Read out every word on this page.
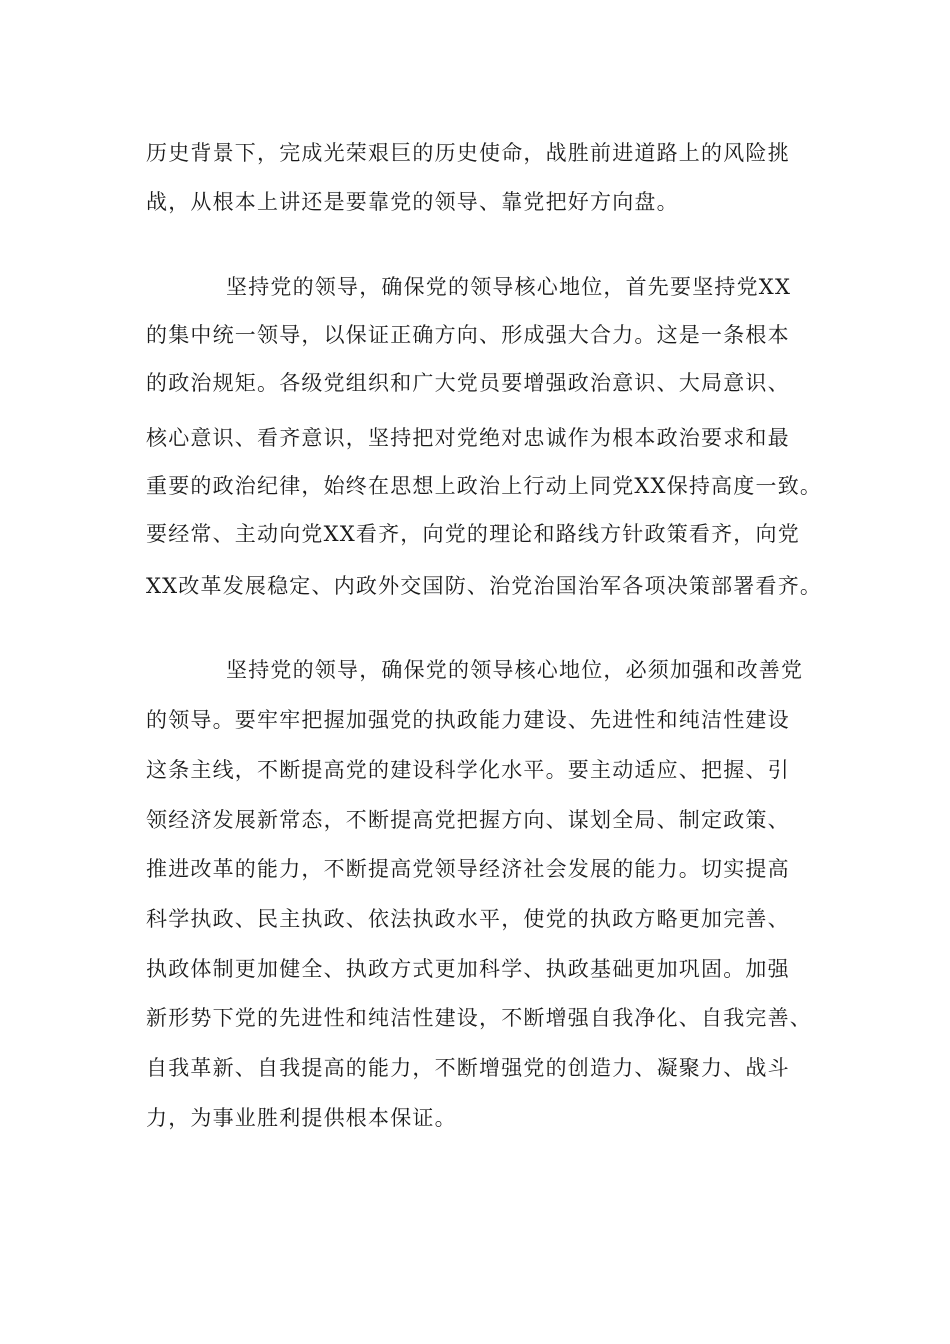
历史背景下，完成光荣艰巨的历史使命，战胜前进道路上的风险挑
战，从根本上讲还是要靠党的领导、靠党把好方向盘。
坚持党的领导，确保党的领导核心地位，首先要坚持党XX
的集中统一领导，以保证正确方向、形成强大合力。这是一条根本
的政治规矩。各级党组织和广大党员要增强政治意识、大局意识、
核心意识、看齐意识，坚持把对党绝对忠诚作为根本政治要求和最
重要的政治纪律，始终在思想上政治上行动上同党XX保持高度一致。
要经常、主动向党XX看齐，向党的理论和路线方针政策看齐，向党
XX改革发展稳定、内政外交国防、治党治国治军各项决策部署看齐。
坚持党的领导，确保党的领导核心地位，必须加强和改善党
的领导。要牢牢把握加强党的执政能力建设、先进性和纯洁性建设
这条主线，不断提高党的建设科学化水平。要主动适应、把握、引
领经济发展新常态，不断提高党把握方向、谋划全局、制定政策、
推进改革的能力，不断提高党领导经济社会发展的能力。切实提高
科学执政、民主执政、依法执政水平，使党的执政方略更加完善、
执政体制更加健全、执政方式更加科学、执政基础更加巩固。加强
新形势下党的先进性和纯洁性建设，不断增强自我净化、自我完善、
自我革新、自我提高的能力，不断增强党的创造力、凝聚力、战斗
力，为事业胜利提供根本保证。
